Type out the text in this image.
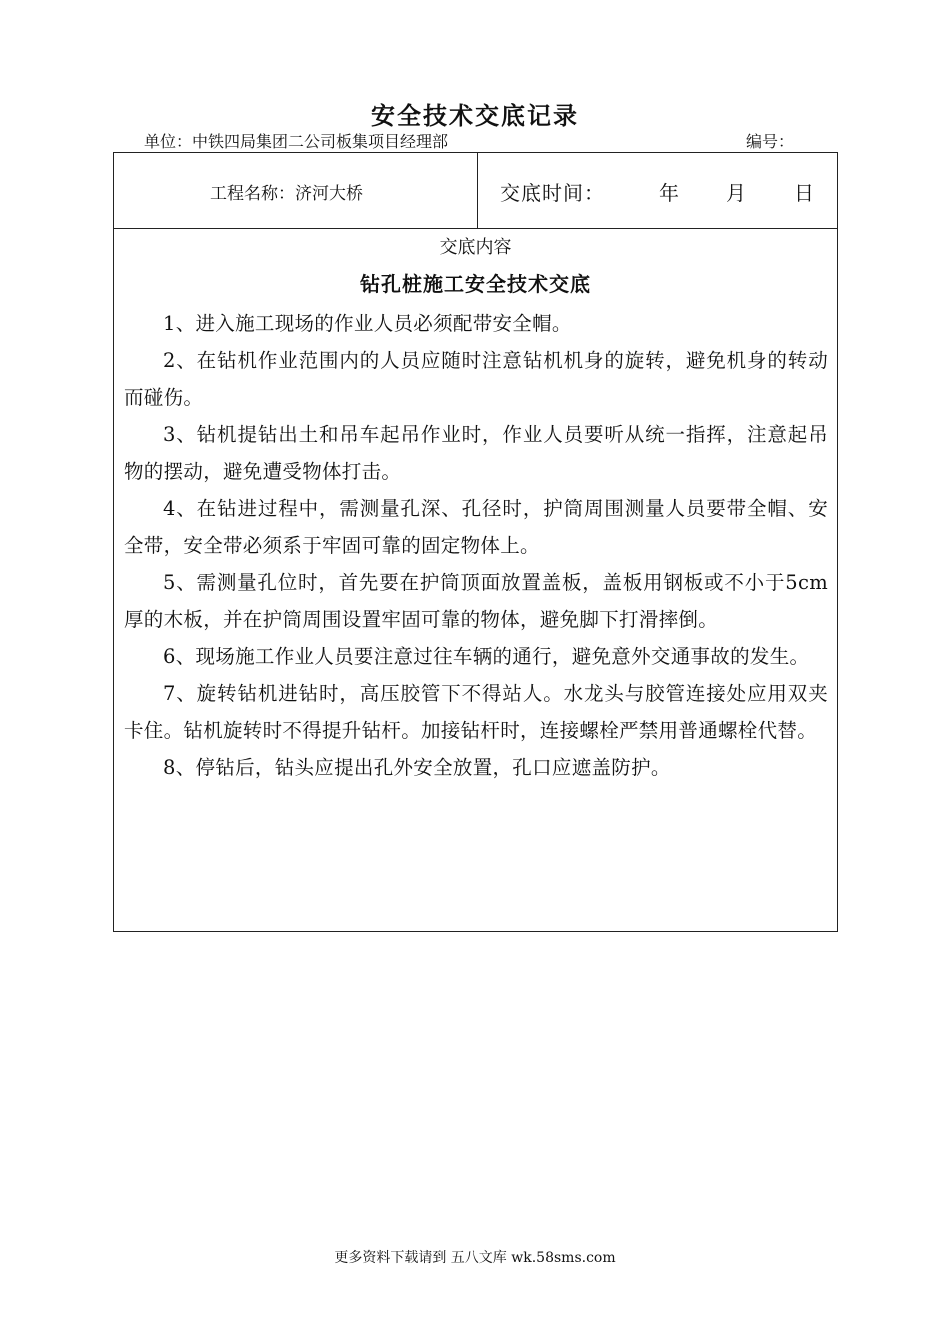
安全技术交底记录
单位：中铁四局集团二公司板集项目经理部	编号：
工程名称：济河大桥	交底时间：	年 月 日
交底内容
钻孔桩施工安全技术交底

1、进入施工现场的作业人员必须配带安全帽。

2、在钻机作业范围内的人员应随时注意钻机机身的旋转，避免机身的转动而碰伤。

3、钻机提钻出土和吊车起吊作业时，作业人员要听从统一指挥，注意起吊物的摆动，避免遭受物体打击。

4、在钻进过程中，需测量孔深、孔径时，护筒周围测量人员要带全帽、安全带，安全带必须系于牢固可靠的固定物体上。

5、需测量孔位时，首先要在护筒顶面放置盖板，盖板用钢板或不小于5cm厚的木板，并在护筒周围设置牢固可靠的物体，避免脚下打滑摔倒。

6、现场施工作业人员要注意过往车辆的通行，避免意外交通事故的发生。

7、旋转钻机进钻时，高压胶管下不得站人。水龙头与胶管连接处应用双夹卡住。钻机旋转时不得提升钻杆。加接钻杆时，连接螺栓严禁用普通螺栓代替。

8、停钻后，钻头应提出孔外安全放置，孔口应遮盖防护。

更多资料下载请到 五八文库 wk.58sms.com
